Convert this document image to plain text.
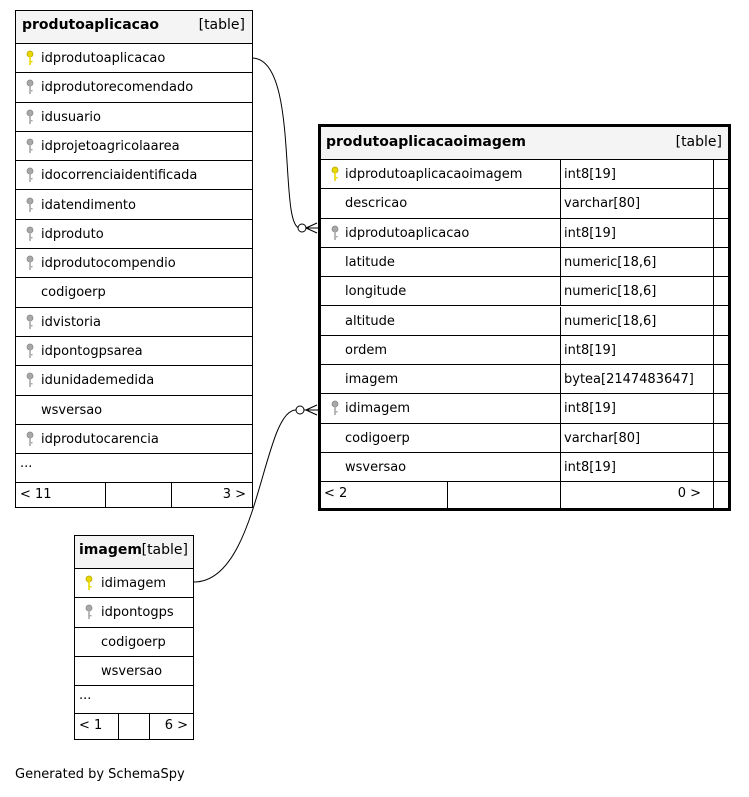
produtoaplicacao	[table]
idprodutoaplicacao
idprodutorecomendado
idusuario
idprojetoagricolaarea
idocorrenciaidentificada
idatendimento
idproduto
idprodutocompendio
codigoerp
idvistoria
idpontogpsarea
idunidademedida
wsversao
idprodutocarencia
...
< 11	3 >
produtoaplicacaoimagem	[table]
idprodutoaplicacaoimagem	int8[19]
descricao	varchar[80]
idprodutoaplicacao	int8[19]
latitude	numeric[18,6]
longitude	numeric[18,6]
altitude	numeric[18,6]
ordem	int8[19]
imagem	bytea[2147483647]
idimagem	int8[19]
codigoerp	varchar[80]
wsversao	int8[19]
< 2	0 >
imagem [table]
idimagem
idpontogps
codigoerp
wsversao
...
< 1	6 >
Generated by SchemaSpy
